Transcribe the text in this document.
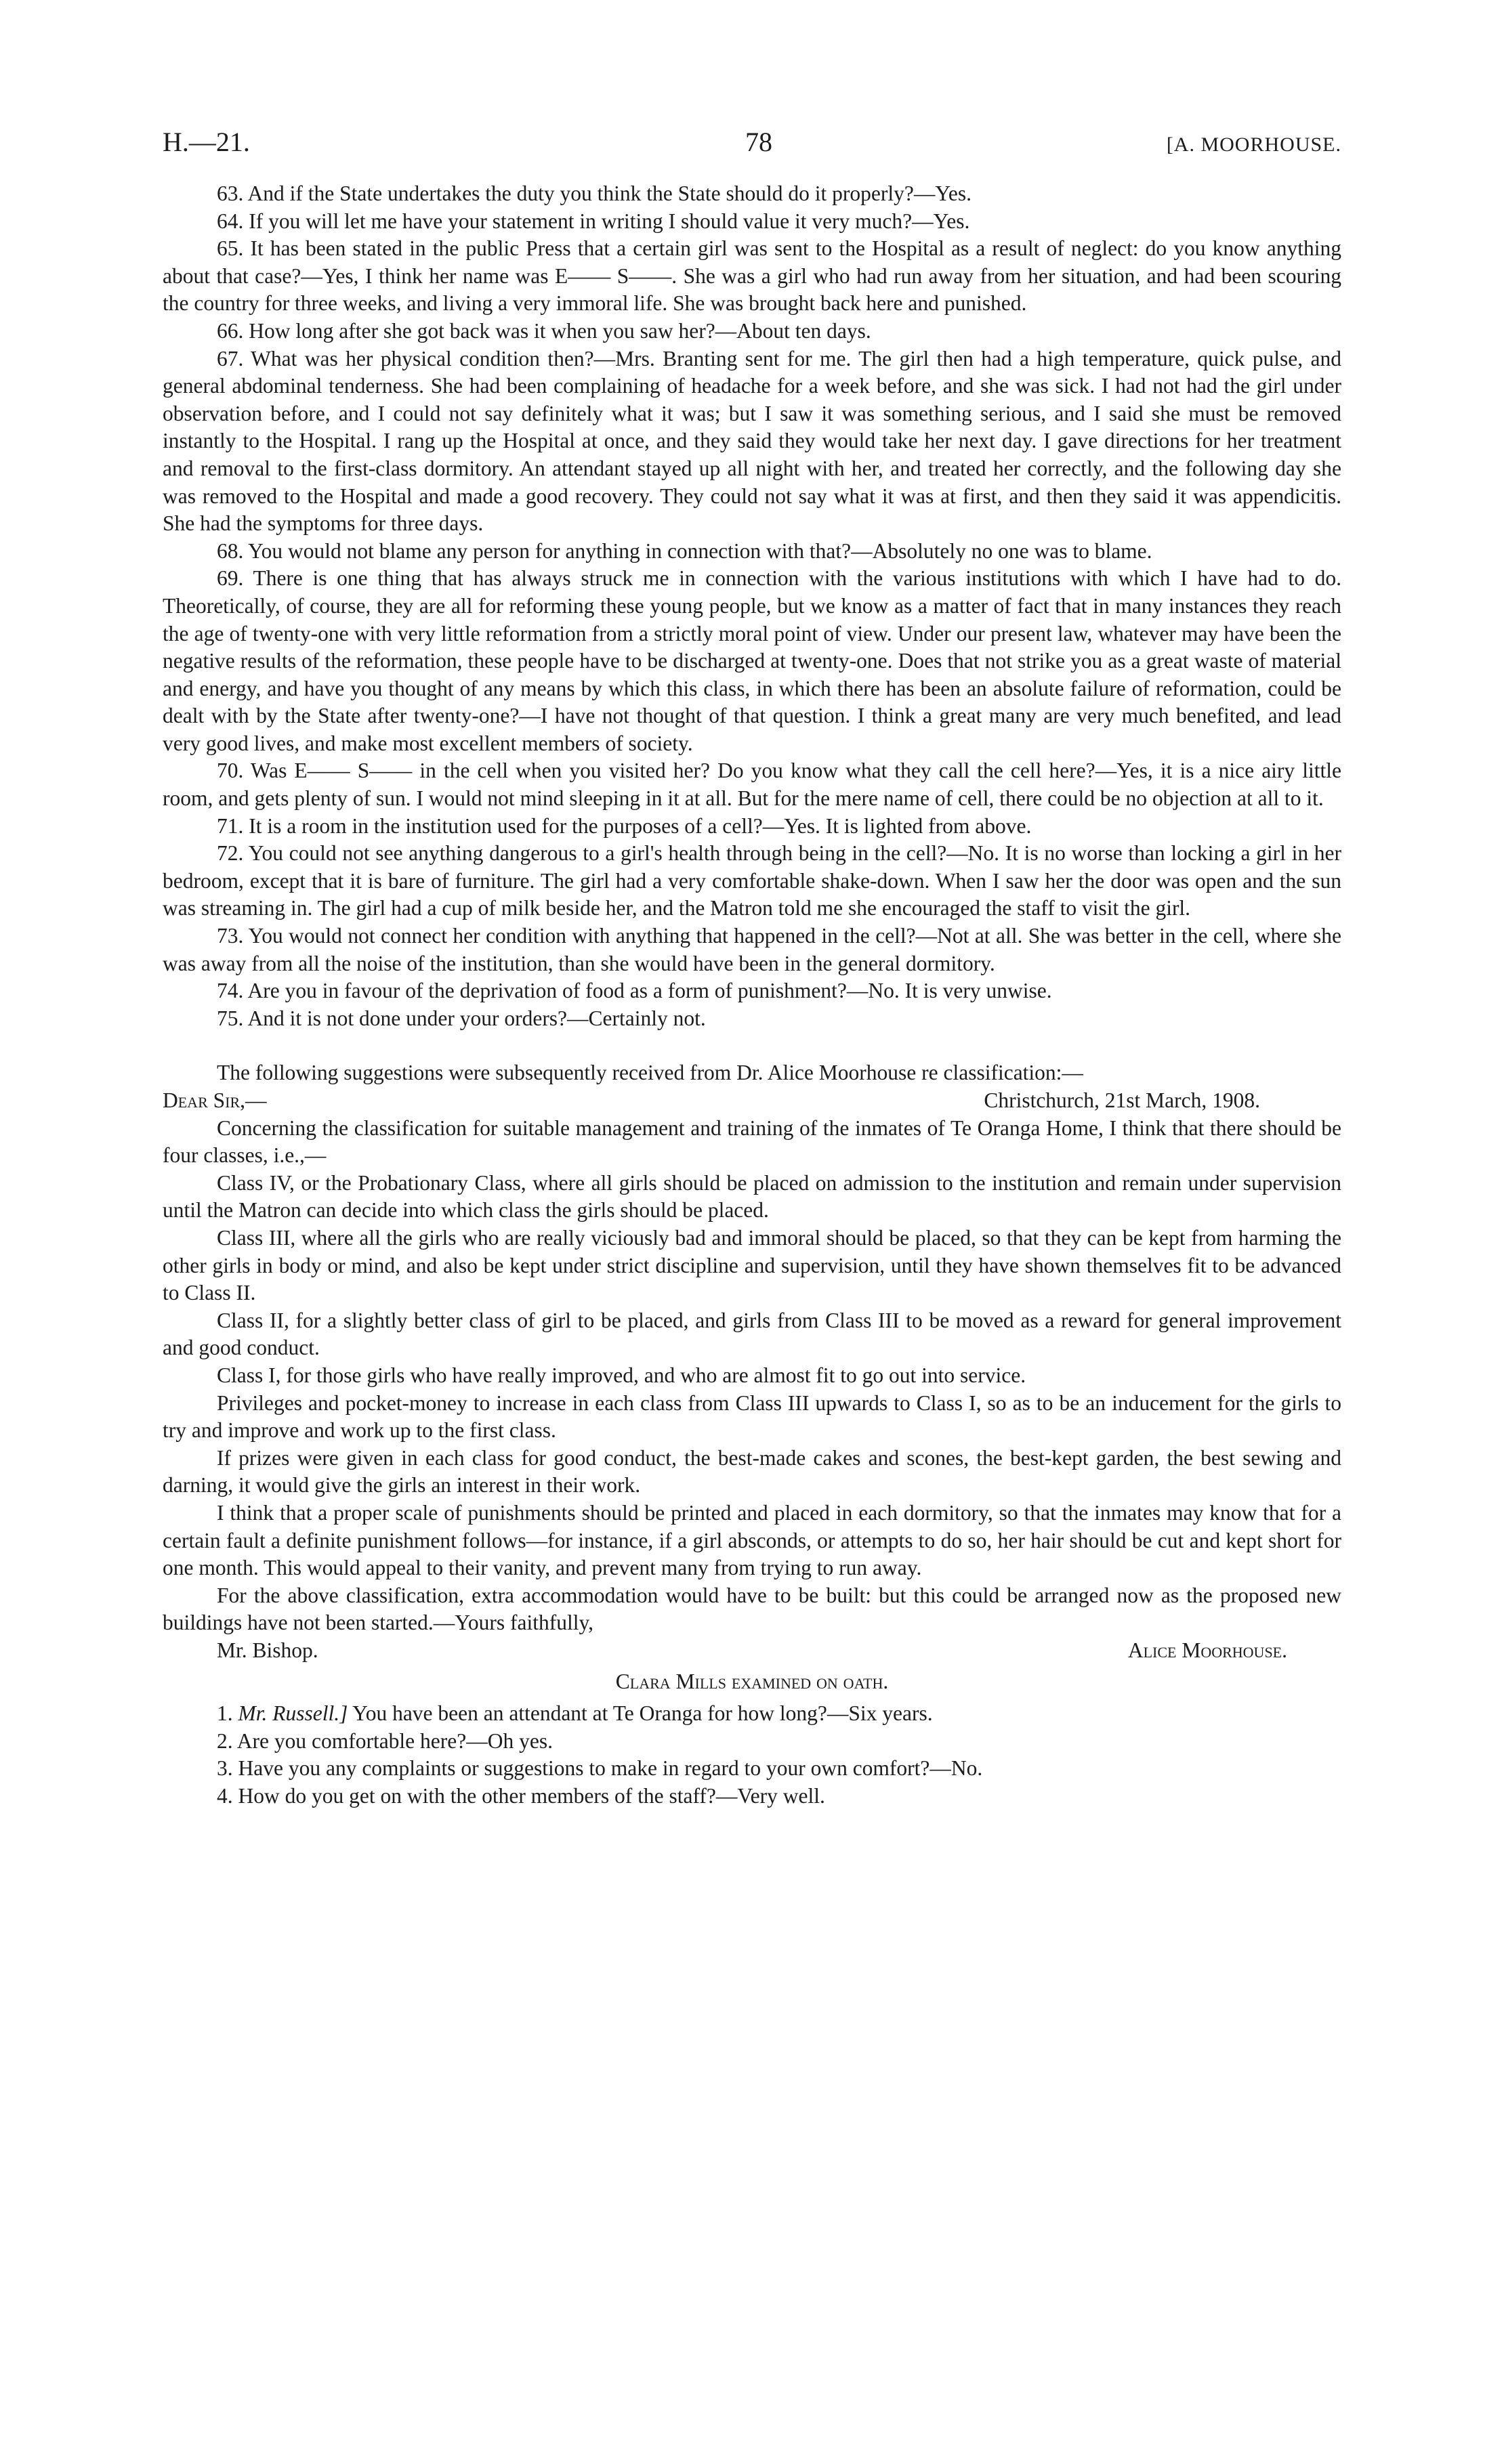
H.—21.	78	[A. MOORHOUSE.

63. And if the State undertakes the duty you think the State should do it properly?—Yes.

64. If you will let me have your statement in writing I should value it very much?—Yes.

65. It has been stated in the public Press that a certain girl was sent to the Hospital as a result of neglect: do you know anything about that case?—Yes, I think her name was E—— S——. She was a girl who had run away from her situation, and had been scouring the country for three weeks, and living a very immoral life. She was brought back here and punished.

66. How long after she got back was it when you saw her?—About ten days.

67. What was her physical condition then?—Mrs. Branting sent for me. The girl then had a high temperature, quick pulse, and general abdominal tenderness. She had been complaining of headache for a week before, and she was sick. I had not had the girl under observation before, and I could not say definitely what it was; but I saw it was something serious, and I said she must be removed instantly to the Hospital. I rang up the Hospital at once, and they said they would take her next day. I gave directions for her treatment and removal to the first-class dormitory. An attendant stayed up all night with her, and treated her correctly, and the following day she was removed to the Hospital and made a good recovery. They could not say what it was at first, and then they said it was appendicitis. She had the symptoms for three days.

68. You would not blame any person for anything in connection with that?—Absolutely no one was to blame.

69. There is one thing that has always struck me in connection with the various institutions with which I have had to do. Theoretically, of course, they are all for reforming these young people, but we know as a matter of fact that in many instances they reach the age of twenty-one with very little reformation from a strictly moral point of view. Under our present law, whatever may have been the negative results of the reformation, these people have to be discharged at twenty-one. Does that not strike you as a great waste of material and energy, and have you thought of any means by which this class, in which there has been an absolute failure of reformation, could be dealt with by the State after twenty-one?—I have not thought of that question. I think a great many are very much benefited, and lead very good lives, and make most excellent members of society.

70. Was E—— S—— in the cell when you visited her? Do you know what they call the cell here?—Yes, it is a nice airy little room, and gets plenty of sun. I would not mind sleeping in it at all. But for the mere name of cell, there could be no objection at all to it.

71. It is a room in the institution used for the purposes of a cell?—Yes. It is lighted from above.

72. You could not see anything dangerous to a girl's health through being in the cell?—No. It is no worse than locking a girl in her bedroom, except that it is bare of furniture. The girl had a very comfortable shake-down. When I saw her the door was open and the sun was streaming in. The girl had a cup of milk beside her, and the Matron told me she encouraged the staff to visit the girl.

73. You would not connect her condition with anything that happened in the cell?—Not at all. She was better in the cell, where she was away from all the noise of the institution, than she would have been in the general dormitory.

74. Are you in favour of the deprivation of food as a form of punishment?—No. It is very unwise.

75. And it is not done under your orders?—Certainly not.

The following suggestions were subsequently received from Dr. Alice Moorhouse re classification:—

Dear Sir,—	Christchurch, 21st March, 1908.

Concerning the classification for suitable management and training of the inmates of Te Oranga Home, I think that there should be four classes, i.e.,—

Class IV, or the Probationary Class, where all girls should be placed on admission to the institution and remain under supervision until the Matron can decide into which class the girls should be placed.

Class III, where all the girls who are really viciously bad and immoral should be placed, so that they can be kept from harming the other girls in body or mind, and also be kept under strict discipline and supervision, until they have shown themselves fit to be advanced to Class II.

Class II, for a slightly better class of girl to be placed, and girls from Class III to be moved as a reward for general improvement and good conduct.

Class I, for those girls who have really improved, and who are almost fit to go out into service.

Privileges and pocket-money to increase in each class from Class III upwards to Class I, so as to be an inducement for the girls to try and improve and work up to the first class.

If prizes were given in each class for good conduct, the best-made cakes and scones, the best-kept garden, the best sewing and darning, it would give the girls an interest in their work.

I think that a proper scale of punishments should be printed and placed in each dormitory, so that the inmates may know that for a certain fault a definite punishment follows—for instance, if a girl absconds, or attempts to do so, her hair should be cut and kept short for one month. This would appeal to their vanity, and prevent many from trying to run away.

For the above classification, extra accommodation would have to be built: but this could be arranged now as the proposed new buildings have not been started.—Yours faithfully,

Mr. Bishop.	Alice Moorhouse.
Clara Mills examined on oath.

1. Mr. Russell.] You have been an attendant at Te Oranga for how long?—Six years.

2. Are you comfortable here?—Oh yes.

3. Have you any complaints or suggestions to make in regard to your own comfort?—No.

4. How do you get on with the other members of the staff?—Very well.
